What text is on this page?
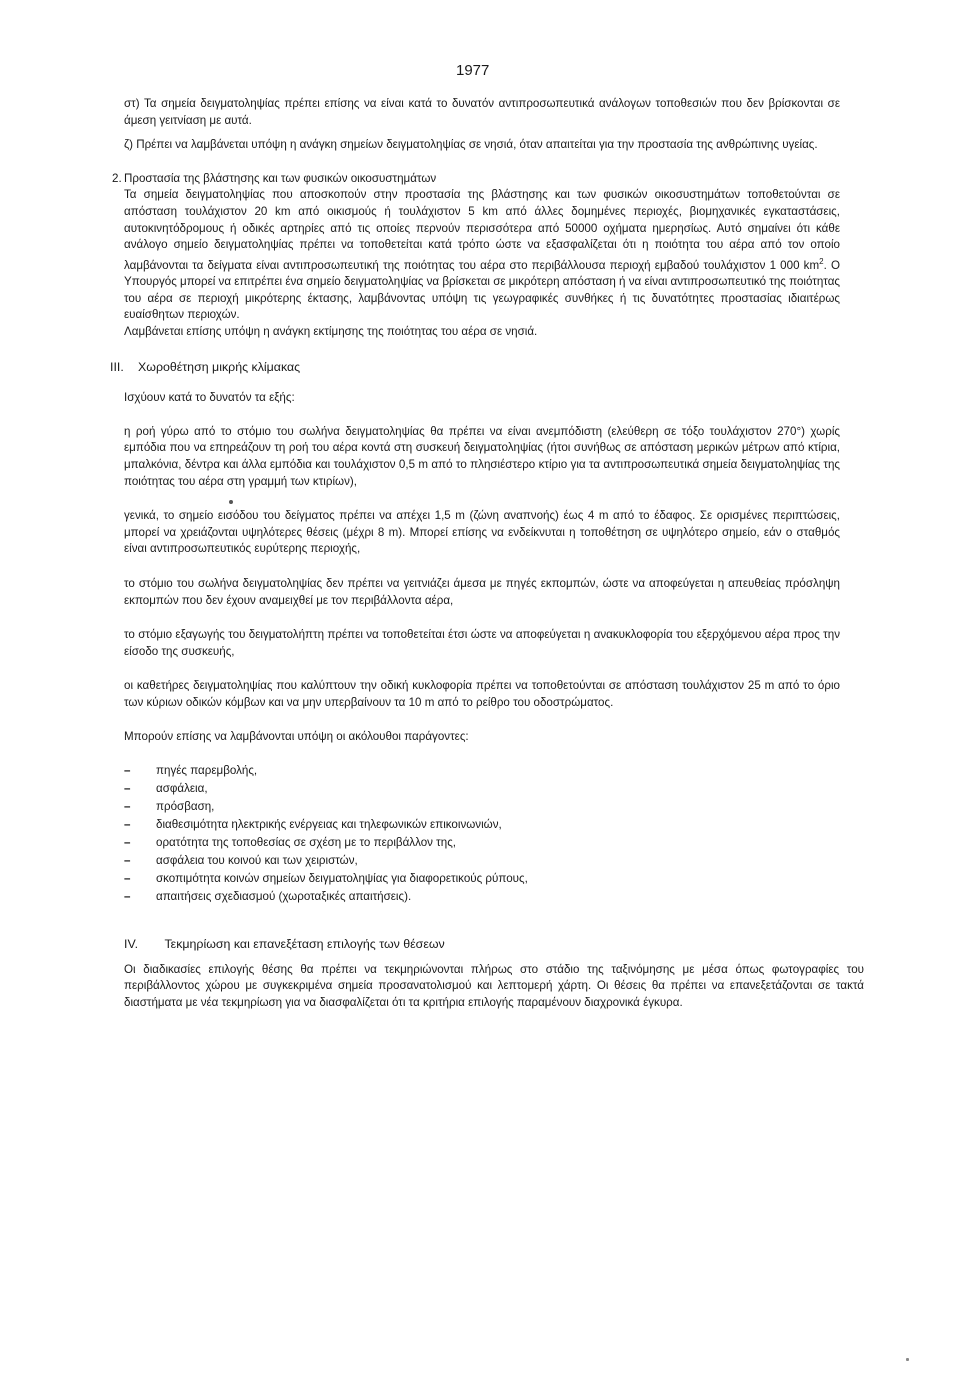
1977

στ) Τα σημεία δειγματοληψίας πρέπει επίσης να είναι κατά το δυνατόν αντιπροσωπευτικά ανάλογων τοποθεσιών που δεν βρίσκονται σε άμεση γειτνίαση με αυτά.

ζ) Πρέπει να λαμβάνεται υπόψη η ανάγκη σημείων δειγματοληψίας σε νησιά, όταν απαιτείται για την προστασία της ανθρώπινης υγείας.

2. Προστασία της βλάστησης και των φυσικών οικοσυστημάτων

Τα σημεία δειγματοληψίας που αποσκοπούν στην προστασία της βλάστησης και των φυσικών οικοσυστημάτων τοποθετούνται σε απόσταση τουλάχιστον 20 km από οικισμούς ή τουλάχιστον 5 km από άλλες δομημένες περιοχές, βιομηχανικές εγκαταστάσεις, αυτοκινητόδρομους ή οδικές αρτηρίες από τις οποίες περνούν περισσότερα από 50000 οχήματα ημερησίως. Αυτό σημαίνει ότι κάθε ανάλογο σημείο δειγματοληψίας πρέπει να τοποθετείται κατά τρόπο ώστε να εξασφαλίζεται ότι η ποιότητα του αέρα από τον οποίο λαμβάνονται τα δείγματα είναι αντιπροσωπευτική της ποιότητας του αέρα στο περιβάλλουσα περιοχή εμβαδού τουλάχιστον 1 000 $km^2$. Ο Υπουργός μπορεί να επιτρέπει ένα σημείο δειγματοληψίας να βρίσκεται σε μικρότερη απόσταση ή να είναι αντιπροσωπευτικό της ποιότητας του αέρα σε περιοχή μικρότερης έκτασης, λαμβάνοντας υπόψη τις γεωγραφικές συνθήκες ή τις δυνατότητες προστασίας ιδιαιτέρως ευαίσθητων περιοχών.

Λαμβάνεται επίσης υπόψη η ανάγκη εκτίμησης της ποιότητας του αέρα σε νησιά.

III. Χωροθέτηση μικρής κλίμακας

Ισχύουν κατά το δυνατόν τα εξής:

η ροή γύρω από το στόμιο του σωλήνα δειγματοληψίας θα πρέπει να είναι ανεμπόδιστη (ελεύθερη σε τόξο τουλάχιστον 270°) χωρίς εμπόδια που να επηρεάζουν τη ροή του αέρα κοντά στη συσκευή δειγματοληψίας (ήτοι συνήθως σε απόσταση μερικών μέτρων από κτίρια, μπαλκόνια, δέντρα και άλλα εμπόδια και τουλάχιστον 0,5 m από το πλησιέστερο κτίριο για τα αντιπροσωπευτικά σημεία δειγματοληψίας της ποιότητας του αέρα στη γραμμή των κτιρίων),

γενικά, το σημείο εισόδου του δείγματος πρέπει να απέχει 1,5 m (ζώνη αναπνοής) έως 4 m από το έδαφος. Σε ορισμένες περιπτώσεις, μπορεί να χρειάζονται υψηλότερες θέσεις (μέχρι 8 m). Μπορεί επίσης να ενδείκνυται η τοποθέτηση σε υψηλότερο σημείο, εάν ο σταθμός είναι αντιπροσωπευτικός ευρύτερης περιοχής,

το στόμιο του σωλήνα δειγματοληψίας δεν πρέπει να γειτνιάζει άμεσα με πηγές εκπομπών, ώστε να αποφεύγεται η απευθείας πρόσληψη εκπομπών που δεν έχουν αναμειχθεί με τον περιβάλλοντα αέρα,

το στόμιο εξαγωγής του δειγματολήπτη πρέπει να τοποθετείται έτσι ώστε να αποφεύγεται η ανακυκλοφορία του εξερχόμενου αέρα προς την είσοδο της συσκευής,

οι καθετήρες δειγματοληψίας που καλύπτουν την οδική κυκλοφορία πρέπει να τοποθετούνται σε απόσταση τουλάχιστον 25 m από το όριο των κύριων οδικών κόμβων και να μην υπερβαίνουν τα 10 m από το ρείθρο του οδοστρώματος.

Μπορούν επίσης να λαμβάνονται υπόψη οι ακόλουθοι παράγοντες:

– πηγές παρεμβολής,
– ασφάλεια,
– πρόσβαση,
– διαθεσιμότητα ηλεκτρικής ενέργειας και τηλεφωνικών επικοινωνιών,
– ορατότητα της τοποθεσίας σε σχέση με το περιβάλλον της,
– ασφάλεια του κοινού και των χειριστών,
– σκοπιμότητα κοινών σημείων δειγματοληψίας για διαφορετικούς ρύπους,
– απαιτήσεις σχεδιασμού (χωροταξικές απαιτήσεις).

IV. Τεκμηρίωση και επανεξέταση επιλογής των θέσεων

Οι διαδικασίες επιλογής θέσης θα πρέπει να τεκμηριώνονται πλήρως στο στάδιο της ταξινόμησης με μέσα όπως φωτογραφίες του περιβάλλοντος χώρου με συγκεκριμένα σημεία προσανατολισμού και λεπτομερή χάρτη. Οι θέσεις θα πρέπει να επανεξετάζονται σε τακτά διαστήματα με νέα τεκμηρίωση για να διασφαλίζεται ότι τα κριτήρια επιλογής παραμένουν διαχρονικά έγκυρα.
